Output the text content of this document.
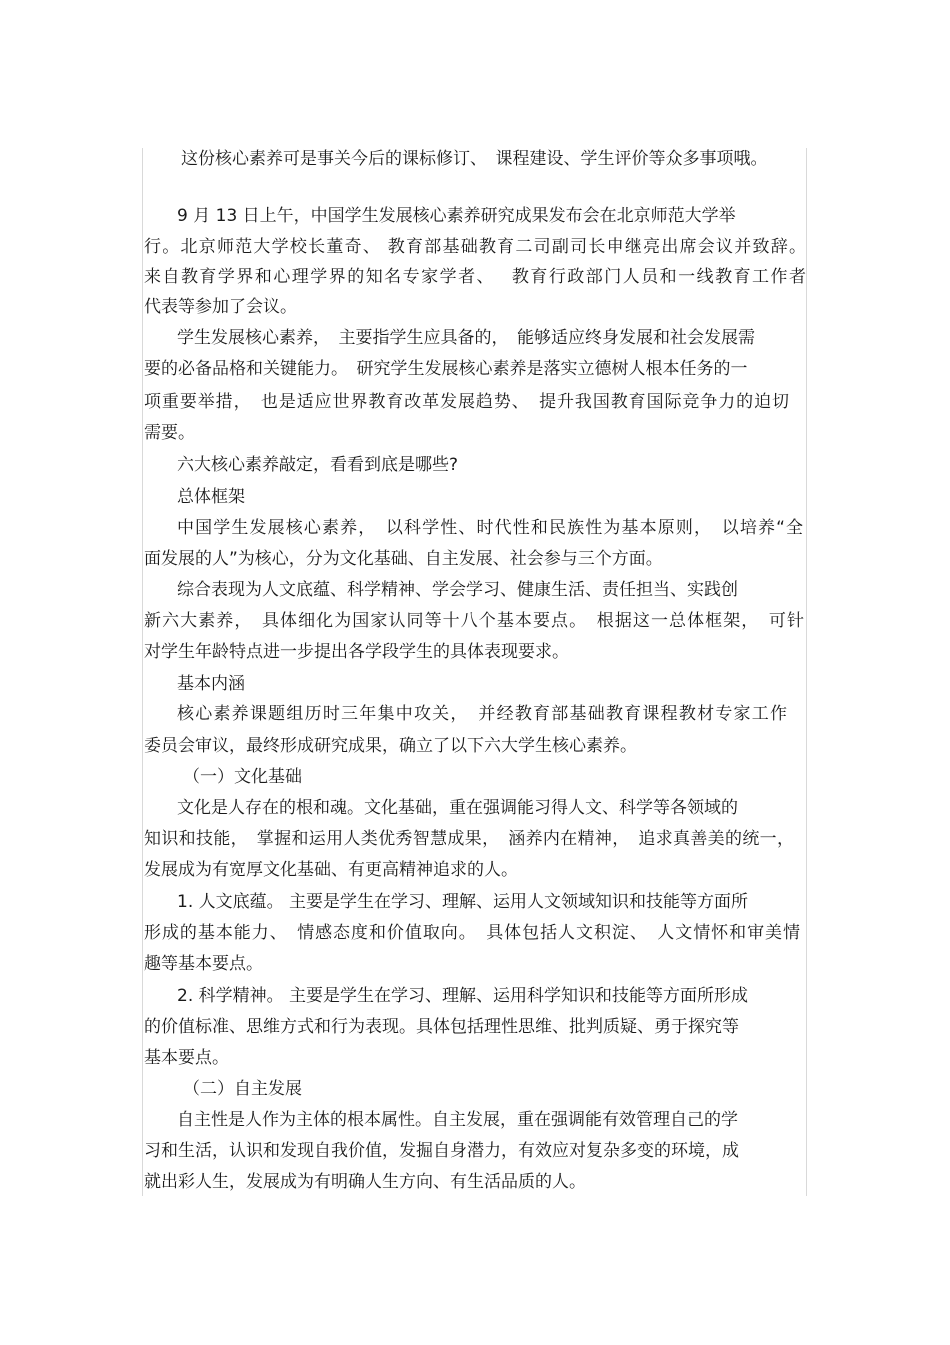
这份核心素养可是事关今后的课标修订、　课程建设、学生评价等众多事项哦。
9 月 13 日上午，中国学生发展核心素养研究成果发布会在北京师范大学举
行。北京师范大学校长董奇、 教育部基础教育二司副司长申继亮出席会议并致辞。
来自教育学界和心理学界的知名专家学者、　 教育行政部门人员和一线教育工作者
代表等参加了会议。
学生发展核心素养，　主要指学生应具备的，　能够适应终身发展和社会发展需
要的必备品格和关键能力。　研究学生发展核心素养是落实立德树人根本任务的一
项重要举措，　也是适应世界教育改革发展趋势、　提升我国教育国际竞争力的迫切
需要。
六大核心素养敲定，看看到底是哪些?
总体框架
中国学生发展核心素养，　以科学性、时代性和民族性为基本原则，　以培养“全
面发展的人”为核心，分为文化基础、自主发展、社会参与三个方面。
综合表现为人文底蕴、科学精神、学会学习、健康生活、责任担当、实践创
新六大素养，　具体细化为国家认同等十八个基本要点。　根据这一总体框架，　可针
对学生年龄特点进一步提出各学段学生的具体表现要求。
基本内涵
核心素养课题组历时三年集中攻关，　并经教育部基础教育课程教材专家工作
委员会审议，最终形成研究成果，确立了以下六大学生核心素养。
（一）文化基础
文化是人存在的根和魂。文化基础，重在强调能习得人文、科学等各领域的
知识和技能，　掌握和运用人类优秀智慧成果，　涵养内在精神，　追求真善美的统一，
发展成为有宽厚文化基础、有更高精神追求的人。
1. 人文底蕴。 主要是学生在学习、理解、运用人文领域知识和技能等方面所
形成的基本能力、　情感态度和价值取向。　具体包括人文积淀、　人文情怀和审美情
趣等基本要点。
2. 科学精神。 主要是学生在学习、理解、运用科学知识和技能等方面所形成
的价值标准、思维方式和行为表现。具体包括理性思维、批判质疑、勇于探究等
基本要点。
（二）自主发展
自主性是人作为主体的根本属性。自主发展，重在强调能有效管理自己的学
习和生活，认识和发现自我价值，发掘自身潜力，有效应对复杂多变的环境，成
就出彩人生，发展成为有明确人生方向、有生活品质的人。
